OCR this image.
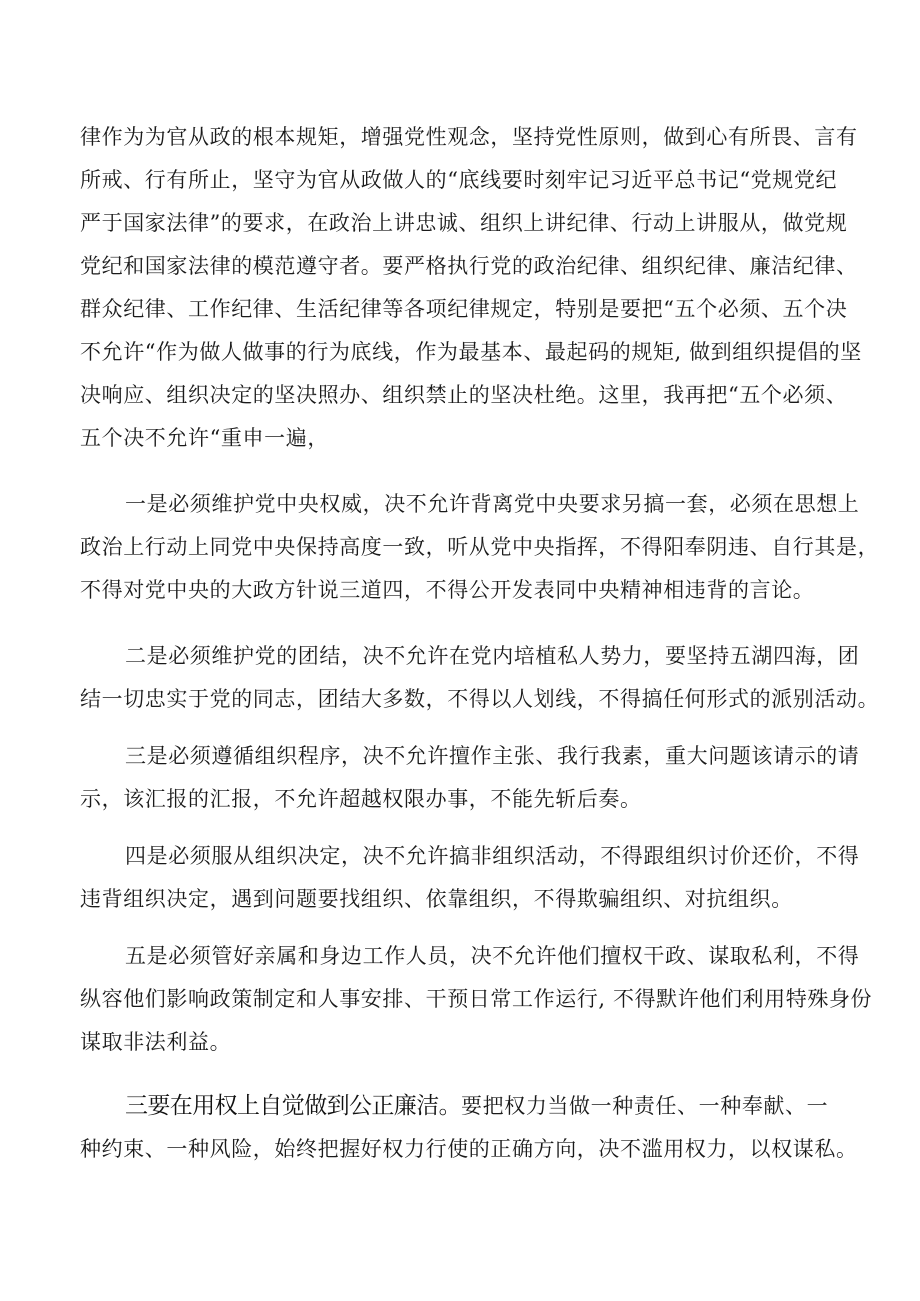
律作为为官从政的根本规矩，增强党性观念，坚持党性原则，做到心有所畏、言有
所戒、行有所止，坚守为官从政做人的“底线要时刻牢记习近平总书记“党规党纪
严于国家法律”的要求，在政治上讲忠诚、组织上讲纪律、行动上讲服从，做党规
党纪和国家法律的模范遵守者。要严格执行党的政治纪律、组织纪律、廉洁纪律、
群众纪律、工作纪律、生活纪律等各项纪律规定，特别是要把“五个必须、五个决
不允许“作为做人做事的行为底线，作为最基本、最起码的规矩, 做到组织提倡的坚
决响应、组织决定的坚决照办、组织禁止的坚决杜绝。这里，我再把“五个必须、
五个决不允许“重申一遍，
一是必须维护党中央权威，决不允许背离党中央要求另搞一套，必须在思想上
政治上行动上同党中央保持高度一致，听从党中央指挥，不得阳奉阴违、自行其是，
不得对党中央的大政方针说三道四，不得公开发表同中央精神相违背的言论。
二是必须维护党的团结，决不允许在党内培植私人势力，要坚持五湖四海，团
结一切忠实于党的同志，团结大多数，不得以人划线，不得搞任何形式的派别活动。
三是必须遵循组织程序，决不允许擅作主张、我行我素，重大问题该请示的请
示，该汇报的汇报，不允许超越权限办事，不能先斩后奏。
四是必须服从组织决定，决不允许搞非组织活动，不得跟组织讨价还价，不得
违背组织决定，遇到问题要找组织、依靠组织，不得欺骗组织、对抗组织。
五是必须管好亲属和身边工作人员，决不允许他们擅权干政、谋取私利，不得
纵容他们影响政策制定和人事安排、干预日常工作运行, 不得默许他们利用特殊身份
谋取非法利益。
三要在用权上自觉做到公正廉洁。要把权力当做一种责任、一种奉献、一
种约束、一种风险，始终把握好权力行使的正确方向，决不滥用权力，以权谋私。
